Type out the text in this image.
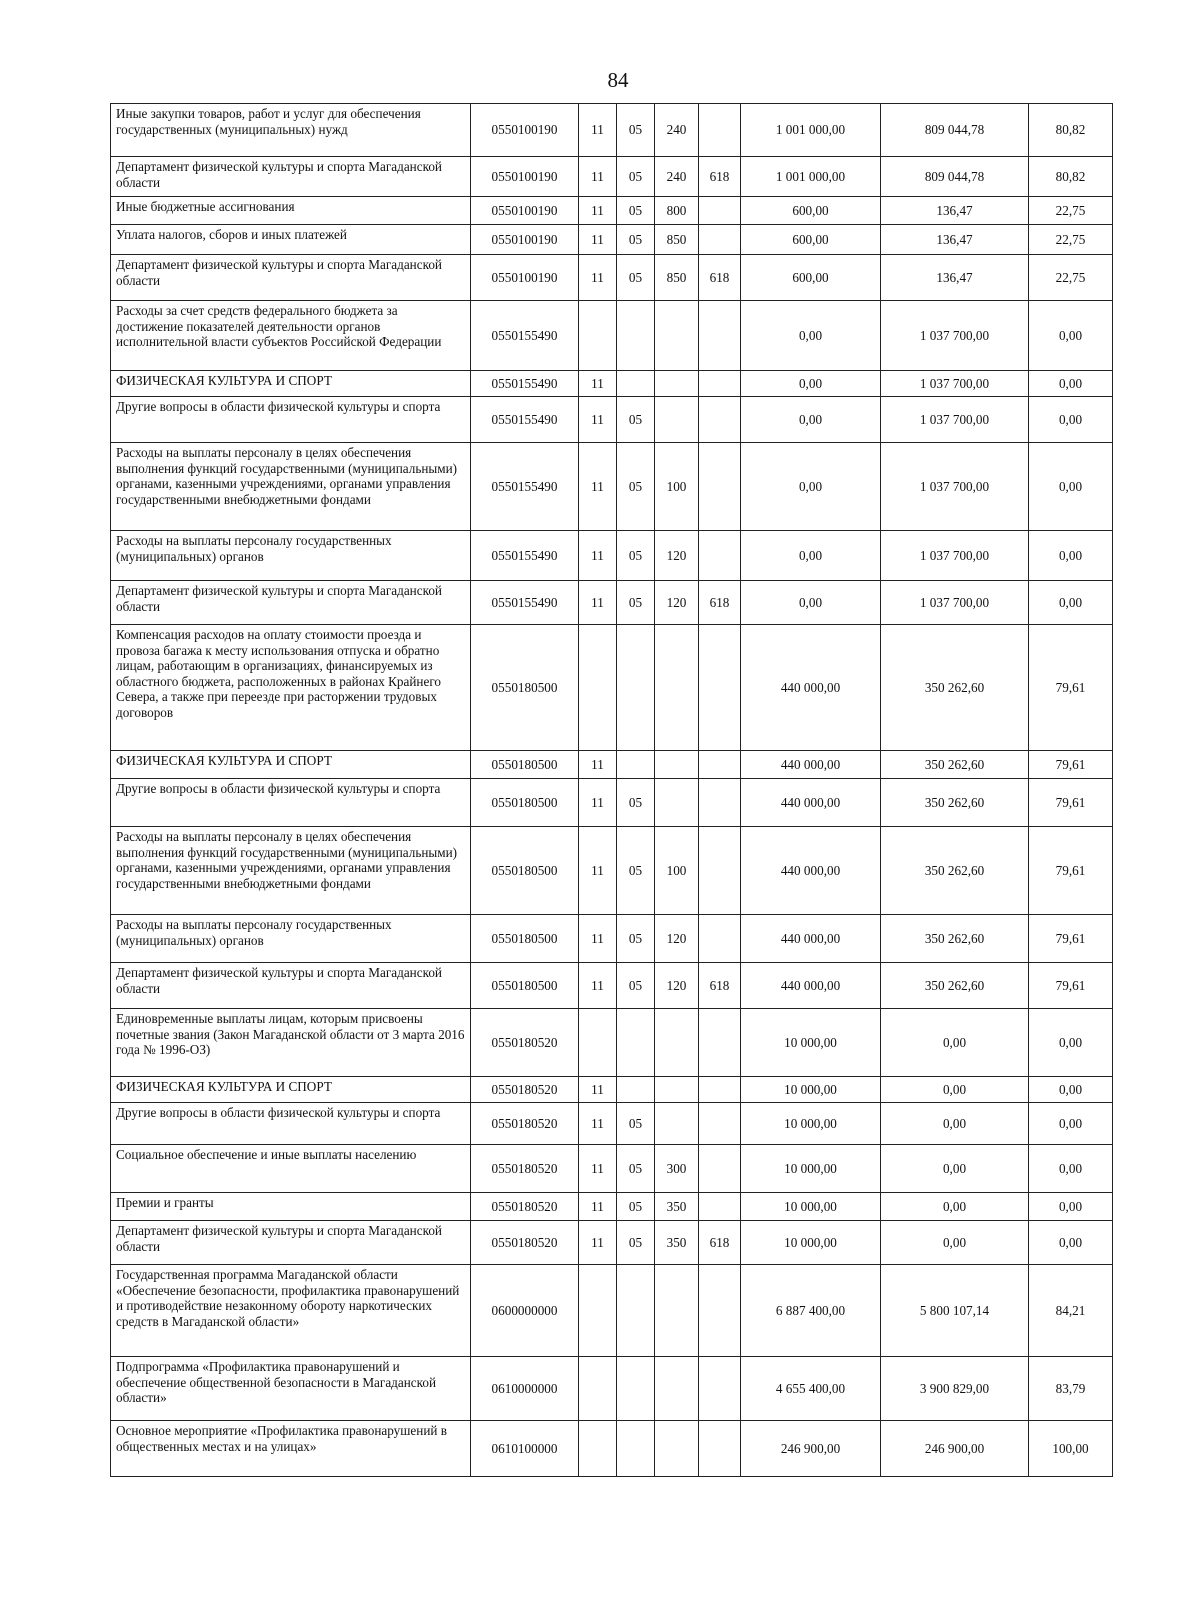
84
Иные закупки товаров, работ и услуг для обеспечения государственных (муниципальных) нужд	0550100190	11	05	240		1 001 000,00	809 044,78	80,82
Департамент физической культуры и спорта Магаданской области	0550100190	11	05	240	618	1 001 000,00	809 044,78	80,82
Иные бюджетные ассигнования	0550100190	11	05	800		600,00	136,47	22,75
Уплата налогов, сборов и иных платежей	0550100190	11	05	850		600,00	136,47	22,75
Департамент физической культуры и спорта Магаданской области	0550100190	11	05	850	618	600,00	136,47	22,75
Расходы за счет средств федерального бюджета за достижение показателей деятельности органов исполнительной власти субъектов Российской Федерации	0550155490					0,00	1 037 700,00	0,00
ФИЗИЧЕСКАЯ КУЛЬТУРА И СПОРТ	0550155490	11				0,00	1 037 700,00	0,00
Другие вопросы в области физической культуры и спорта	0550155490	11	05			0,00	1 037 700,00	0,00
Расходы на выплаты персоналу в целях обеспечения выполнения функций государственными (муниципальными) органами, казенными учреждениями, органами управления государственными внебюджетными фондами	0550155490	11	05	100		0,00	1 037 700,00	0,00
Расходы на выплаты персоналу государственных (муниципальных) органов	0550155490	11	05	120		0,00	1 037 700,00	0,00
Департамент физической культуры и спорта Магаданской области	0550155490	11	05	120	618	0,00	1 037 700,00	0,00
Компенсация расходов на оплату стоимости проезда и провоза багажа к месту использования отпуска и обратно лицам, работающим в организациях, финансируемых из областного бюджета, расположенных в районах Крайнего Севера, а также при переезде при расторжении трудовых договоров	0550180500					440 000,00	350 262,60	79,61
ФИЗИЧЕСКАЯ КУЛЬТУРА И СПОРТ	0550180500	11				440 000,00	350 262,60	79,61
Другие вопросы в области физической культуры и спорта	0550180500	11	05			440 000,00	350 262,60	79,61
Расходы на выплаты персоналу в целях обеспечения выполнения функций государственными (муниципальными) органами, казенными учреждениями, органами управления государственными внебюджетными фондами	0550180500	11	05	100		440 000,00	350 262,60	79,61
Расходы на выплаты персоналу государственных (муниципальных) органов	0550180500	11	05	120		440 000,00	350 262,60	79,61
Департамент физической культуры и спорта Магаданской области	0550180500	11	05	120	618	440 000,00	350 262,60	79,61
Единовременные выплаты лицам, которым присвоены почетные звания (Закон Магаданской области от 3 марта 2016 года № 1996-ОЗ)	0550180520					10 000,00	0,00	0,00
ФИЗИЧЕСКАЯ КУЛЬТУРА И СПОРТ	0550180520	11				10 000,00	0,00	0,00
Другие вопросы в области физической культуры и спорта	0550180520	11	05			10 000,00	0,00	0,00
Социальное обеспечение и иные выплаты населению	0550180520	11	05	300		10 000,00	0,00	0,00
Премии и гранты	0550180520	11	05	350		10 000,00	0,00	0,00
Департамент физической культуры и спорта Магаданской области	0550180520	11	05	350	618	10 000,00	0,00	0,00
Государственная программа Магаданской области «Обеспечение безопасности, профилактика правонарушений и противодействие незаконному обороту наркотических средств в Магаданской области»	0600000000					6 887 400,00	5 800 107,14	84,21
Подпрограмма «Профилактика правонарушений и обеспечение общественной безопасности в Магаданской области»	0610000000					4 655 400,00	3 900 829,00	83,79
Основное мероприятие «Профилактика правонарушений в общественных местах и на улицах»	0610100000					246 900,00	246 900,00	100,00
